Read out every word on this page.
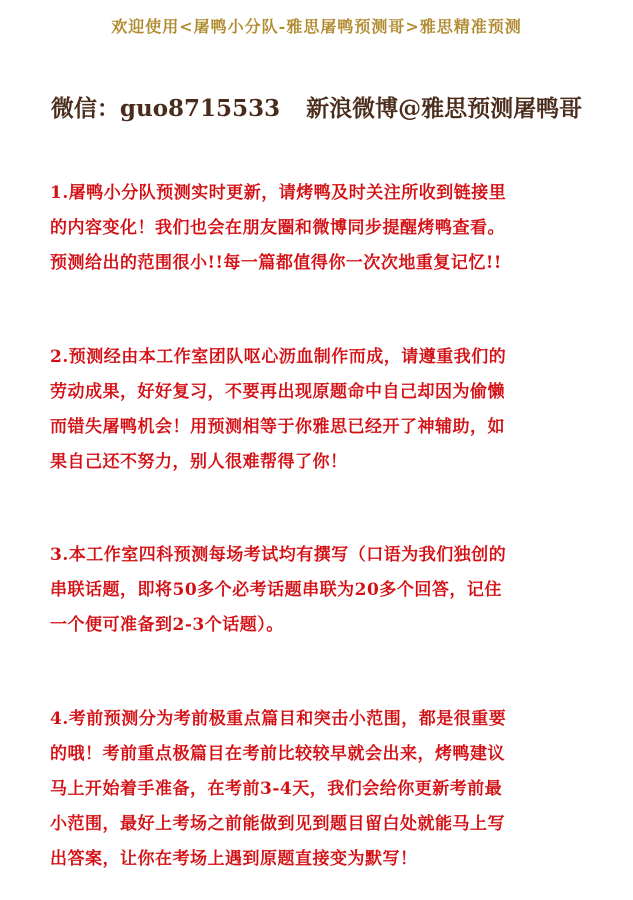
欢迎使用<屠鸭小分队-雅思屠鸭预测哥>雅思精准预测
微信：guo8715533 新浪微博@雅思预测屠鸭哥
1.屠鸭小分队预测实时更新，请烤鸭及时关注所收到链接里
的内容变化！我们也会在朋友圈和微博同步提醒烤鸭查看。
预测给出的范围很小!!每一篇都值得你一次次地重复记忆!!
2.预测经由本工作室团队呕心沥血制作而成，请遵重我们的
劳动成果，好好复习，不要再出现原题命中自己却因为偷懒
而错失屠鸭机会！用预测相等于你雅思已经开了神辅助，如
果自己还不努力，别人很难帮得了你！
3.本工作室四科预测每场考试均有撰写（口语为我们独创的
串联话题，即将50多个必考话题串联为20多个回答，记住
一个便可准备到2-3个话题）。
4.考前预测分为考前极重点篇目和突击小范围，都是很重要
的哦！考前重点极篇目在考前比较较早就会出来，烤鸭建议
马上开始着手准备，在考前3-4天，我们会给你更新考前最
小范围，最好上考场之前能做到见到题目留白处就能马上写
出答案，让你在考场上遇到原题直接变为默写！
